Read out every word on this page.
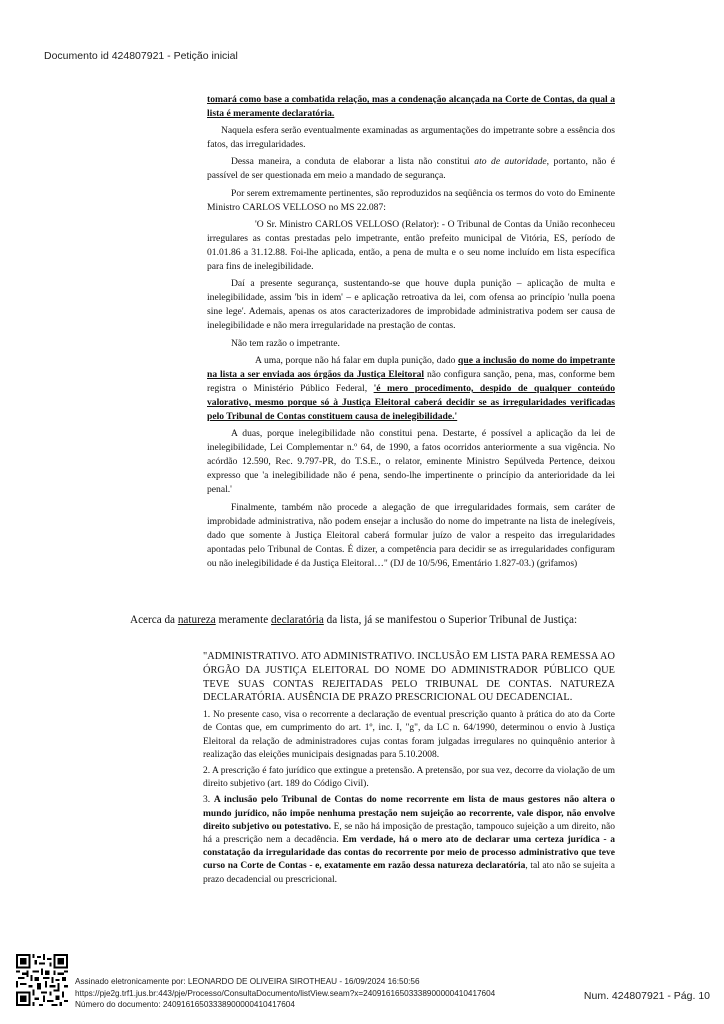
Documento id 424807921 - Petição inicial

tomará como base a combatida relação, mas a condenação alcançada na Corte de Contas, da qual a lista é meramente declaratória.

Naquela esfera serão eventualmente examinadas as argumentações do impetrante sobre a essência dos fatos, das irregularidades.

Dessa maneira, a conduta de elaborar a lista não constitui ato de autoridade, portanto, não é passível de ser questionada em meio a mandado de segurança.

Por serem extremamente pertinentes, são reproduzidos na seqüência os termos do voto do Eminente Ministro CARLOS VELLOSO no MS 22.087:

'O Sr. Ministro CARLOS VELLOSO (Relator): - O Tribunal de Contas da União reconheceu irregulares as contas prestadas pelo impetrante, então prefeito municipal de Vitória, ES, período de 01.01.86 a 31.12.88. Foi-lhe aplicada, então, a pena de multa e o seu nome incluído em lista específica para fins de inelegibilidade.

Daí a presente segurança, sustentando-se que houve dupla punição – aplicação de multa e inelegibilidade, assim 'bis in idem' – e aplicação retroativa da lei, com ofensa ao princípio 'nulla poena sine lege'. Ademais, apenas os atos caracterizadores de improbidade administrativa podem ser causa de inelegibilidade e não mera irregularidade na prestação de contas.

Não tem razão o impetrante.

A uma, porque não há falar em dupla punição, dado que a inclusão do nome do impetrante na lista a ser enviada aos órgãos da Justiça Eleitoral não configura sanção, pena, mas, conforme bem registra o Ministério Público Federal, 'é mero procedimento, despido de qualquer conteúdo valorativo, mesmo porque só à Justiça Eleitoral caberá decidir se as irregularidades verificadas pelo Tribunal de Contas constituem causa de inelegibilidade.'

A duas, porque inelegibilidade não constitui pena. Destarte, é possível a aplicação da lei de inelegibilidade, Lei Complementar n.º 64, de 1990, a fatos ocorridos anteriormente a sua vigência. No acórdão 12.590, Rec. 9.797-PR, do T.S.E., o relator, eminente Ministro Sepúlveda Pertence, deixou expresso que 'a inelegibilidade não é pena, sendo-lhe impertinente o princípio da anterioridade da lei penal.'

Finalmente, também não procede a alegação de que irregularidades formais, sem caráter de improbidade administrativa, não podem ensejar a inclusão do nome do impetrante na lista de inelegíveis, dado que somente à Justiça Eleitoral caberá formular juízo de valor a respeito das irregularidades apontadas pelo Tribunal de Contas. É dizer, a competência para decidir se as irregularidades configuram ou não inelegibilidade é da Justiça Eleitoral…" (DJ de 10/5/96, Ementário 1.827-03.) (grifamos)

Acerca da natureza meramente declaratória da lista, já se manifestou o Superior Tribunal de Justiça:

"ADMINISTRATIVO. ATO ADMINISTRATIVO. INCLUSÃO EM LISTA PARA REMESSA AO ÓRGÃO DA JUSTIÇA ELEITORAL DO NOME DO ADMINISTRADOR PÚBLICO QUE TEVE SUAS CONTAS REJEITADAS PELO TRIBUNAL DE CONTAS. NATUREZA DECLARATÓRIA. AUSÊNCIA DE PRAZO PRESCRICIONAL OU DECADENCIAL.

1. No presente caso, visa o recorrente a declaração de eventual prescrição quanto à prática do ato da Corte de Contas que, em cumprimento do art. 1º, inc. I, "g", da LC n. 64/1990, determinou o envio à Justiça Eleitoral da relação de administradores cujas contas foram julgadas irregulares no quinquênio anterior à realização das eleições municipais designadas para 5.10.2008.

2. A prescrição é fato jurídico que extingue a pretensão. A pretensão, por sua vez, decorre da violação de um direito subjetivo (art. 189 do Código Civil).

3. A inclusão pelo Tribunal de Contas do nome recorrente em lista de maus gestores não altera o mundo jurídico, não impõe nenhuma prestação nem sujeição ao recorrente, vale dispor, não envolve direito subjetivo ou potestativo. E, se não há imposição de prestação, tampouco sujeição a um direito, não há a prescrição nem a decadência. Em verdade, há o mero ato de declarar uma certeza jurídica - a constatação da irregularidade das contas do recorrente por meio de processo administrativo que teve curso na Corte de Contas - e, exatamente em razão dessa natureza declaratória, tal ato não se sujeita a prazo decadencial ou prescricional.

Assinado eletronicamente por: LEONARDO DE OLIVEIRA SIROTHEAU - 16/09/2024 16:50:56
https://pje2g.trf1.jus.br:443/pje/Processo/ConsultaDocumento/listView.seam?x=24091616503338900000410417604
Número do documento: 24091616503338900000410417604
Num. 424807921 - Pág. 10
